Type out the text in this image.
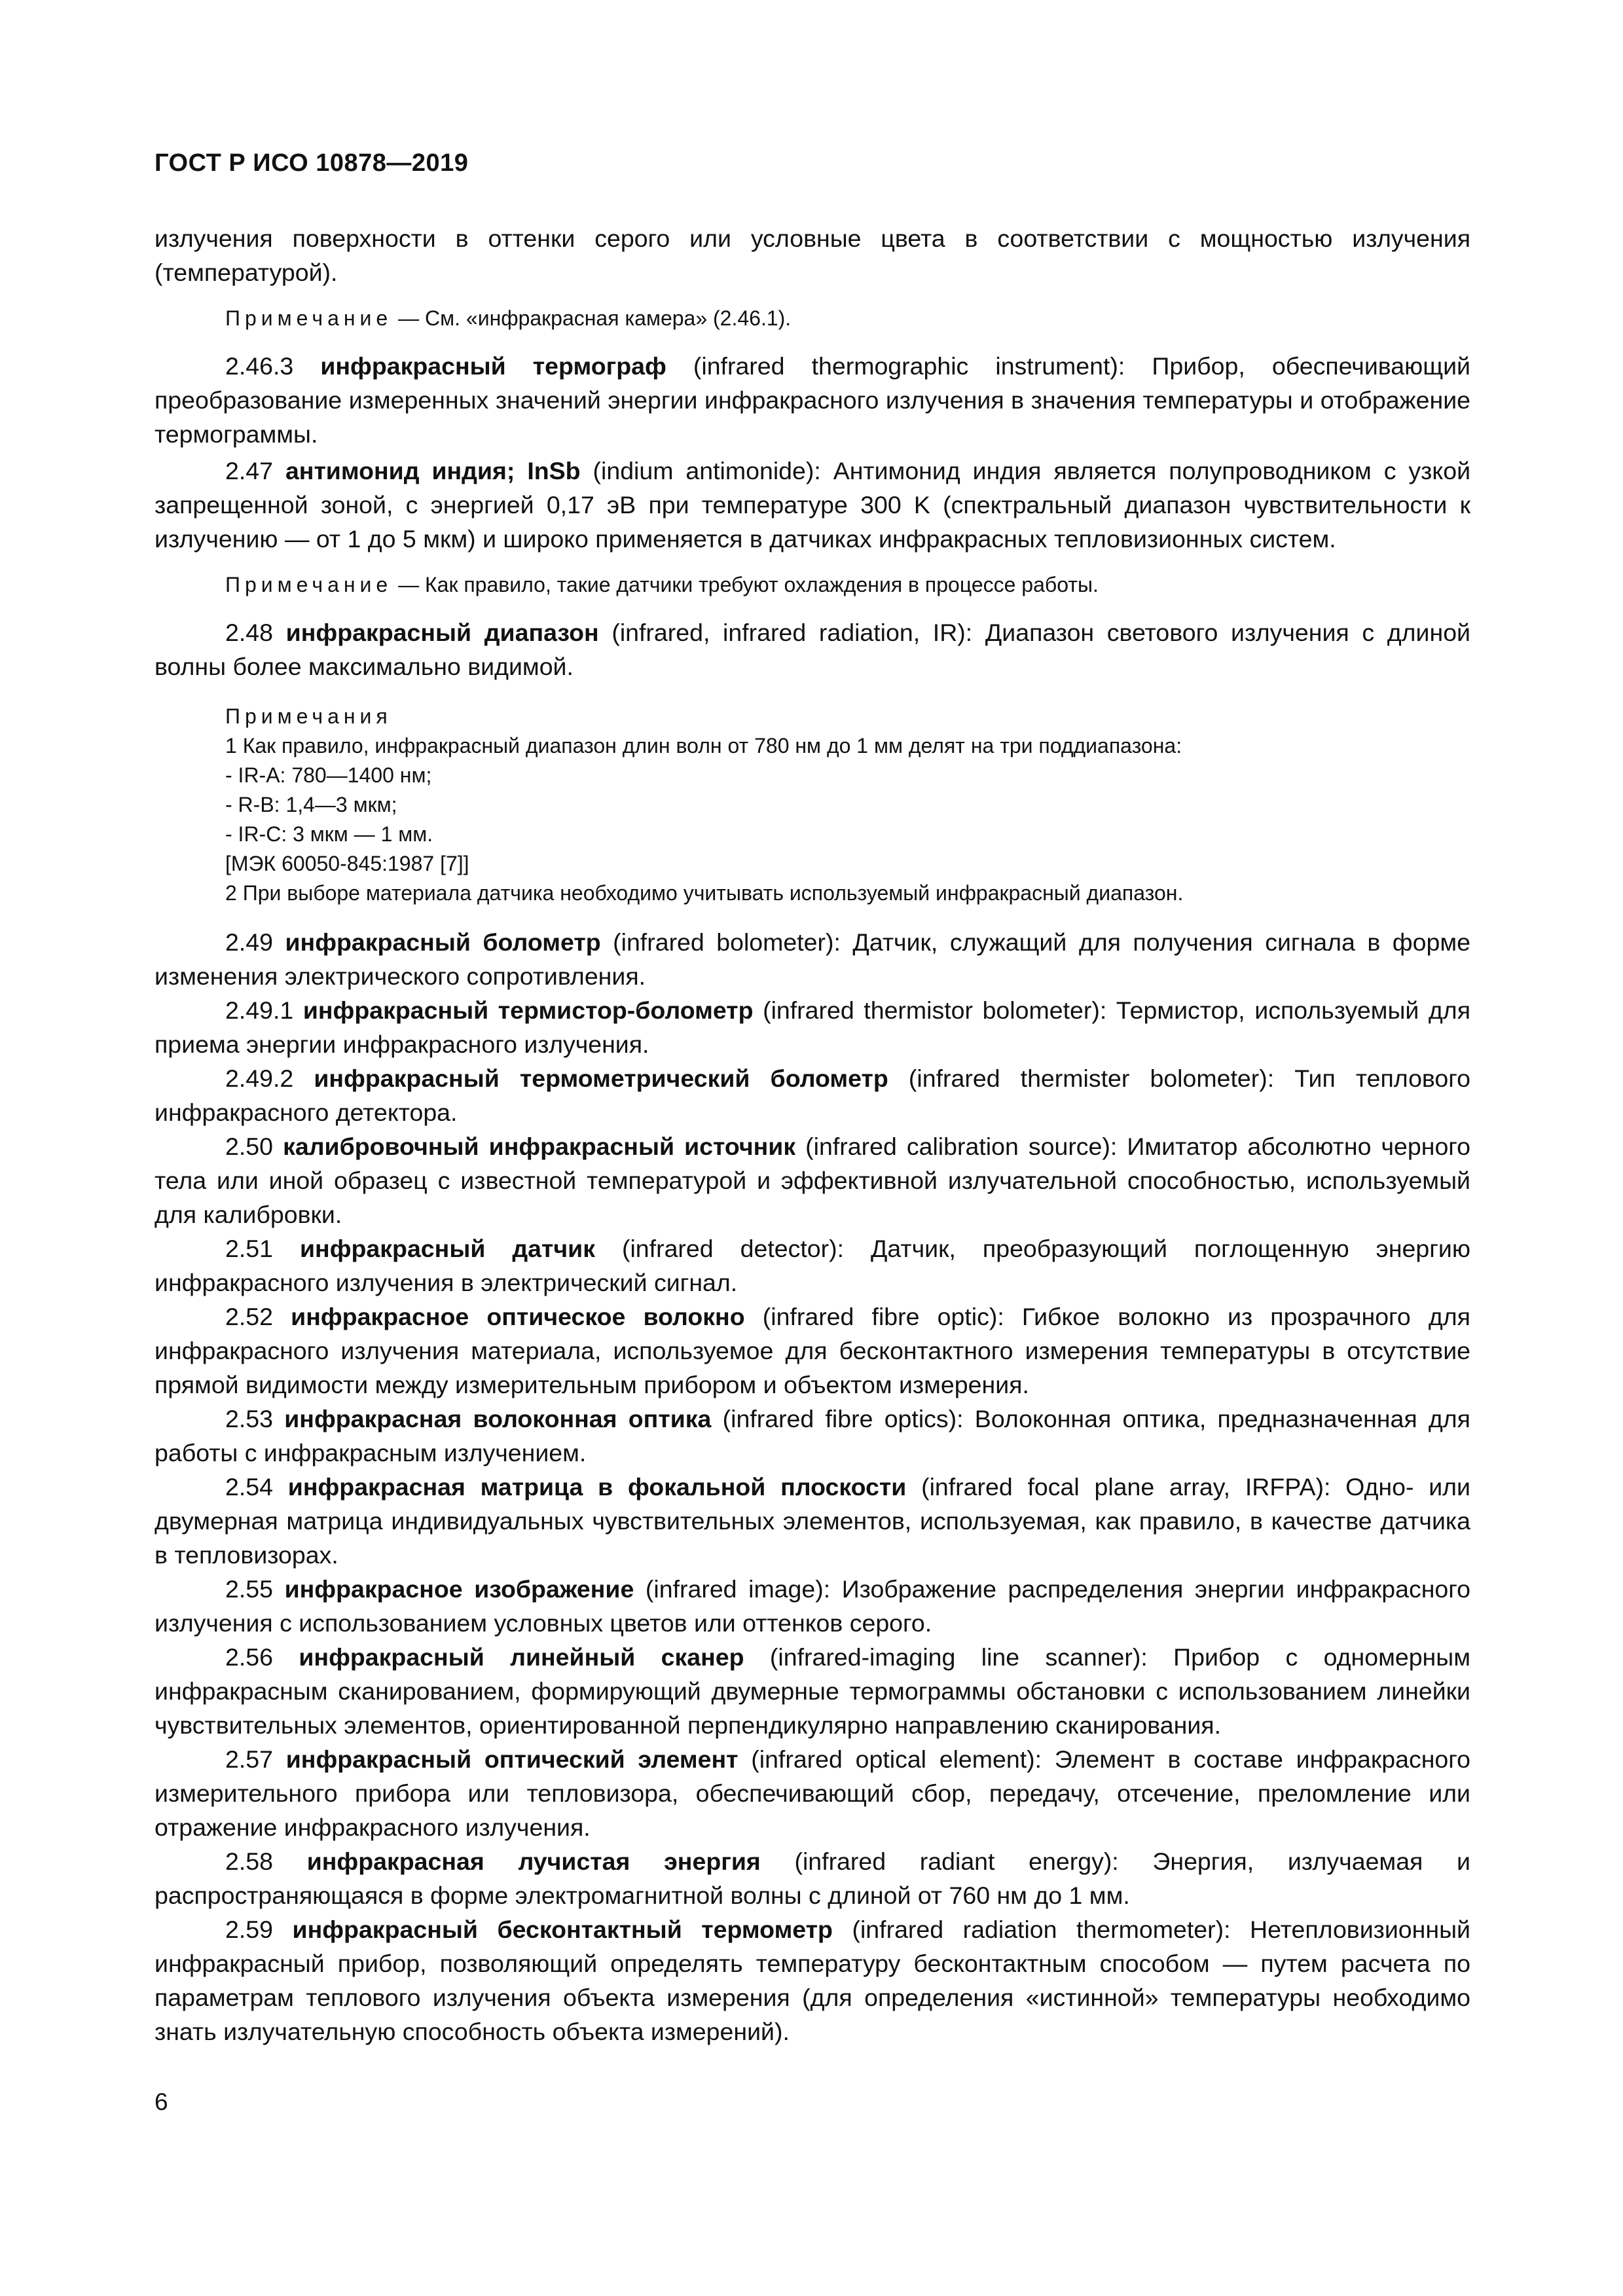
ГОСТ Р ИСО 10878—2019

излучения поверхности в оттенки серого или условные цвета в соответствии с мощностью излучения (температурой).

Примечание — См. «инфракрасная камера» (2.46.1).

2.46.3 инфракрасный термограф (infrared thermographic instrument): Прибор, обеспечивающий преобразование измеренных значений энергии инфракрасного излучения в значения температуры и отображение термограммы.

2.47 антимонид индия; InSb (indium antimonide): Антимонид индия является полупроводником с узкой запрещенной зоной, с энергией 0,17 эВ при температуре 300 K (спектральный диапазон чувствительности к излучению — от 1 до 5 мкм) и широко применяется в датчиках инфракрасных тепловизионных систем.

Примечание — Как правило, такие датчики требуют охлаждения в процессе работы.

2.48 инфракрасный диапазон (infrared, infrared radiation, IR): Диапазон светового излучения с длиной волны более максимально видимой.

Примечания

1 Как правило, инфракрасный диапазон длин волн от 780 нм до 1 мм делят на три поддиапазона:

- IR-A: 780—1400 нм;

- R-B: 1,4—3 мкм;

- IR-C: 3 мкм — 1 мм.

[МЭК 60050-845:1987 [7]]

2 При выборе материала датчика необходимо учитывать используемый инфракрасный диапазон.

2.49 инфракрасный болометр (infrared bolometer): Датчик, служащий для получения сигнала в форме изменения электрического сопротивления.

2.49.1 инфракрасный термистор-болометр (infrared thermistor bolometer): Термистор, используемый для приема энергии инфракрасного излучения.

2.49.2 инфракрасный термометрический болометр (infrared thermister bolometer): Тип теплового инфракрасного детектора.

2.50 калибровочный инфракрасный источник (infrared calibration source): Имитатор абсолютно черного тела или иной образец с известной температурой и эффективной излучательной способностью, используемый для калибровки.

2.51 инфракрасный датчик (infrared detector): Датчик, преобразующий поглощенную энергию инфракрасного излучения в электрический сигнал.

2.52 инфракрасное оптическое волокно (infrared fibre optic): Гибкое волокно из прозрачного для инфракрасного излучения материала, используемое для бесконтактного измерения температуры в отсутствие прямой видимости между измерительным прибором и объектом измерения.

2.53 инфракрасная волоконная оптика (infrared fibre optics): Волоконная оптика, предназначенная для работы с инфракрасным излучением.

2.54 инфракрасная матрица в фокальной плоскости (infrared focal plane array, IRFPA): Одно- или двумерная матрица индивидуальных чувствительных элементов, используемая, как правило, в качестве датчика в тепловизорах.

2.55 инфракрасное изображение (infrared image): Изображение распределения энергии инфракрасного излучения с использованием условных цветов или оттенков серого.

2.56 инфракрасный линейный сканер (infrared-imaging line scanner): Прибор с одномерным инфракрасным сканированием, формирующий двумерные термограммы обстановки с использованием линейки чувствительных элементов, ориентированной перпендикулярно направлению сканирования.

2.57 инфракрасный оптический элемент (infrared optical element): Элемент в составе инфракрасного измерительного прибора или тепловизора, обеспечивающий сбор, передачу, отсечение, преломление или отражение инфракрасного излучения.

2.58 инфракрасная лучистая энергия (infrared radiant energy): Энергия, излучаемая и распространяющаяся в форме электромагнитной волны с длиной от 760 нм до 1 мм.

2.59 инфракрасный бесконтактный термометр (infrared radiation thermometer): Нетепловизионный инфракрасный прибор, позволяющий определять температуру бесконтактным способом — путем расчета по параметрам теплового излучения объекта измерения (для определения «истинной» температуры необходимо знать излучательную способность объекта измерений).

6
